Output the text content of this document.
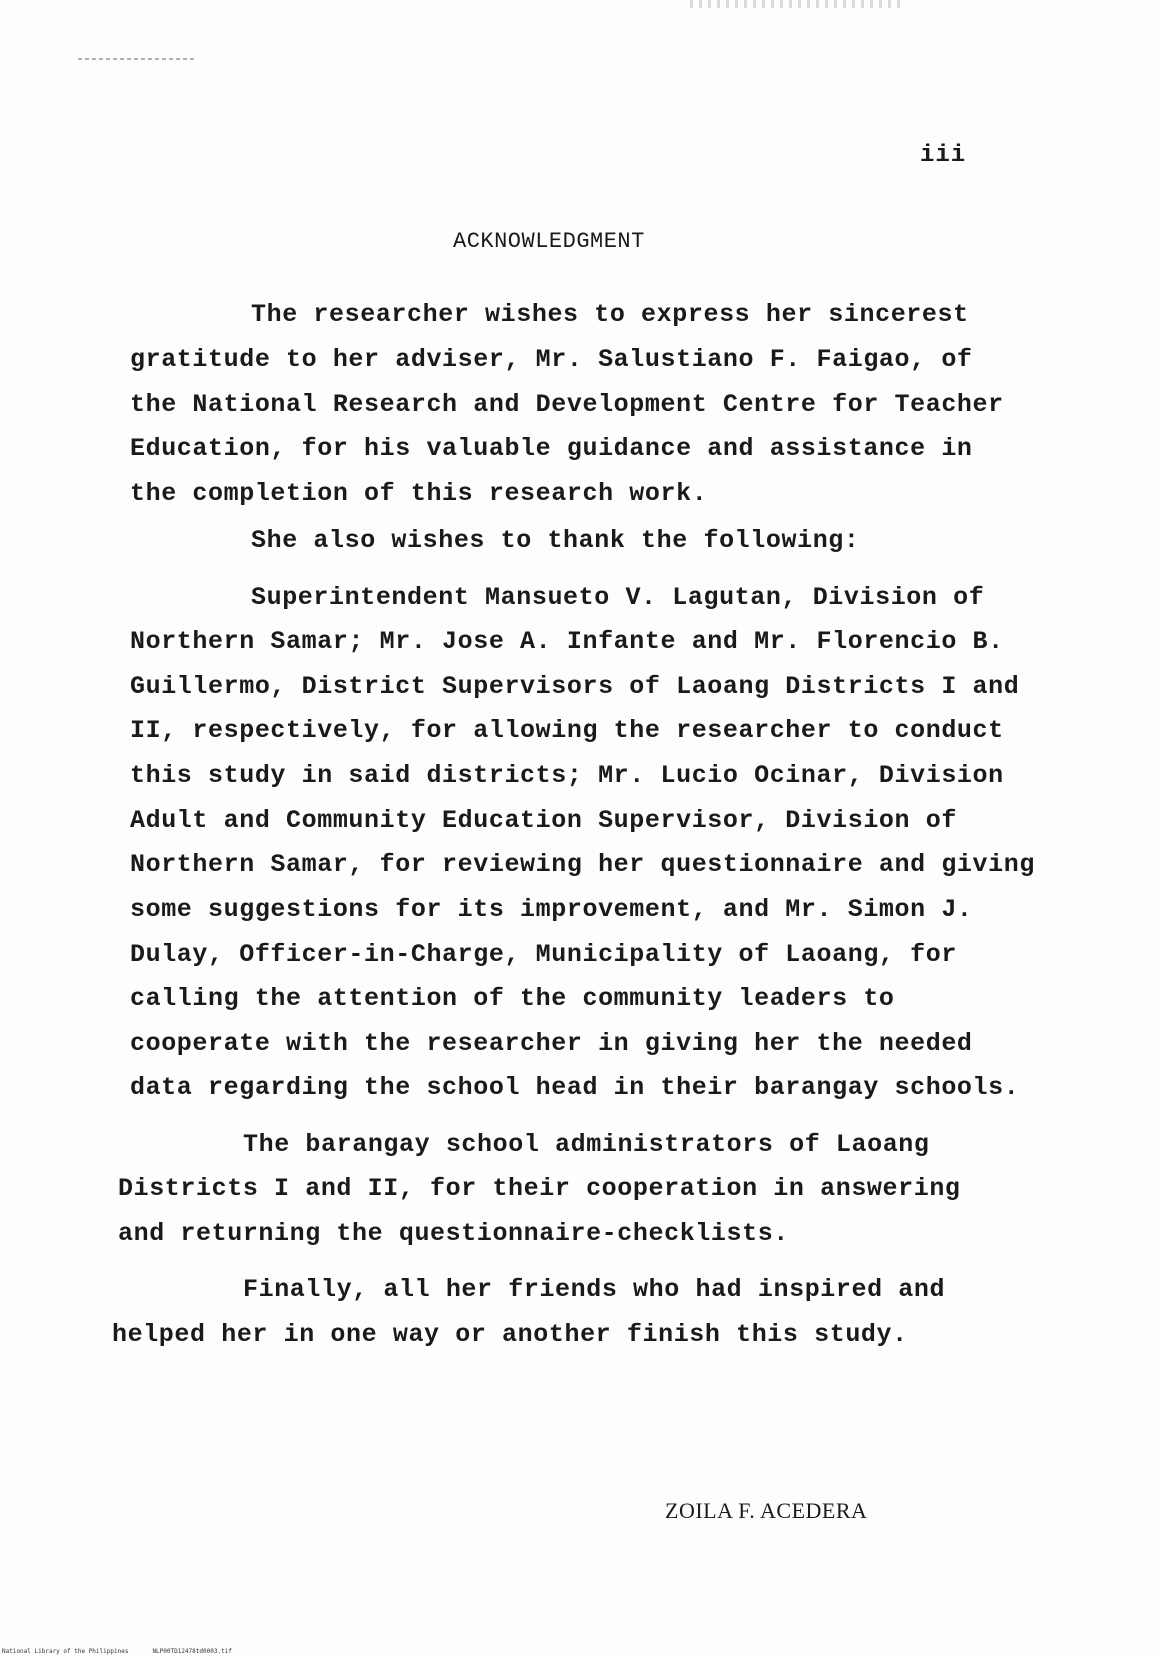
iii
ACKNOWLEDGMENT
The researcher wishes to express her sincerest
gratitude to her adviser, Mr. Salustiano F. Faigao, of
the National Research and Development Centre for Teacher
Education, for his valuable guidance and assistance in
the completion of this research work.
She also wishes to thank the following:
Superintendent Mansueto V. Lagutan, Division of
Northern Samar; Mr. Jose A. Infante and Mr. Florencio B.
Guillermo, District Supervisors of Laoang Districts I and
II, respectively, for allowing the researcher to conduct
this study in said districts; Mr. Lucio Ocinar, Division
Adult and Community Education Supervisor, Division of
Northern Samar, for reviewing her questionnaire and giving
some suggestions for its improvement, and Mr. Simon J.
Dulay, Officer-in-Charge, Municipality of Laoang, for
calling the attention of the community leaders to
cooperate with the researcher in giving her the needed
data regarding the school head in their barangay schools.
The barangay school administrators of Laoang
Districts I and II, for their cooperation in answering
and returning the questionnaire-checklists.
Finally, all her friends who had inspired and
helped her in one way or another finish this study.
ZOILA F. ACEDERA
National Library of the Philippines	NLP00TD12478td0003.tif
